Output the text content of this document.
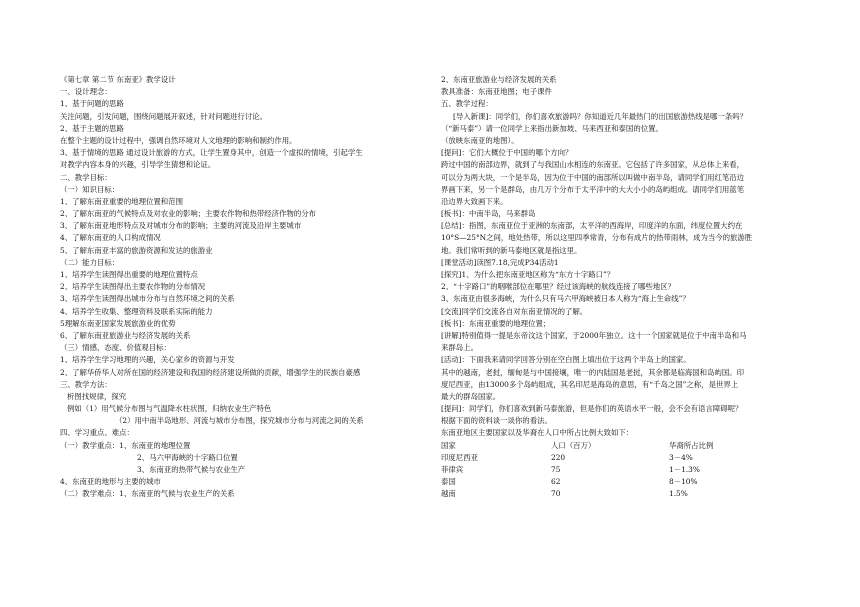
《第七章 第二节 东南亚》教学设计
一、设计理念：
1、基于问题的思路
关注问题，引发问题，围绕问题展开叙述，针对问题进行讨论。
2、基于主题的思路
在整个主题的设计过程中，强调自然环境对人文地理的影响和制约作用。
3、基于情境的思路 通过设计旅游的方式，让学生置身其中，创造一个虚拟的情境，引起学生
对教学内容本身的兴趣，引导学生猜想和论证。
二、教学目标：
（一）知识目标：
1、了解东南亚重要的地理位置和范围
2、了解东南亚的气候特点及对农业的影响；主要农作物和热带经济作物的分布
3、了解东南亚地形特点及对城市分布的影响；主要的河流及沿岸主要城市
4、了解东南亚的人口构成情况
5、了解东南亚丰富的旅游资源和发达的旅游业
（二）能力目标：
1、培养学生读图得出重要的地理位置特点
2、培养学生读图得出主要农作物的分布情况
3、培养学生读图得出城市分布与自然环境之间的关系
4、培养学生收集、整理资料及联系实际的能力
5理解东南亚国家发展旅游业的优势
6、了解东南亚旅游业与经济发展的关系
（三）情感、态度、价值观目标：
1、培养学生学习地理的兴趣，关心家乡的资源与开发
2、了解华侨华人对所在国的经济建设和我国的经济建设所做的贡献，增强学生的民族自豪感
三、教学方法：
析图找规律，探究
例如（1）用气候分布图与气温降水柱状图，归纳农业生产特色
（2）用中南半岛地形、河流与城市分布图，探究城市分布与河流之间的关系
四、学习重点、难点：
（一）教学重点：1、东南亚的地理位置
2、马六甲海峡的十字路口位置
3、东南亚的热带气候与农业生产
4、东南亚的地形与主要的城市
（二）教学难点：1、东南亚的气候与农业生产的关系
2、东南亚旅游业与经济发展的关系
教具准备：东南亚地图；电子课件
五、教学过程：
[导入新课]：同学们，你们喜欢旅游吗？你知道近几年最热门的出国旅游热线是哪一条吗？
（“新马泰”）请一位同学上来指出新加坡、马来西亚和泰国的位置。
（放映东南亚的地图）。
[提问]：它们大概位于中国的哪个方向？
跨过中国的南部边界，就到了与我国山水相连的东南亚。它包括了许多国家，从总体上来看，
可以分为两大块，一个是半岛，因为位于中国的南部所以叫做中南半岛，请同学们用红笔沿边
界画下来，另一个是群岛，由几万个分布于太平洋中的大大小小的岛屿组成。请同学们用蓝笔
沿边界大致画下来。
[板书]：中南半岛，马来群岛
[总结]：指图，东南亚位于亚洲的东南部，太平洋的西海岸，印度洋的东面，纬度位置大约在
10°S—25°N之间，地处热带，所以这里四季常青，分布有成片的热带雨林，成为当今的旅游胜
地。我们常听到的新马泰地区就是指这里。
[课堂活动]读图7.18,完成P34活动1
[探究]1、为什么把东南亚地区称为“东方十字路口”？
2、“十字路口”的咽喉部位在哪里？经过该海峡的航线连接了哪些地区？
3、东南亚由很多海峡，为什么只有马六甲海峡被日本人称为“海上生命线”？
[交流]同学们交流各自对东南亚情况的了解。
[板书]：东南亚重要的地理位置；
[讲解]特别值得一提是东帝汶这个国家，于2000年独立。这十一个国家就是位于中南半岛和马
来群岛上。
[活动]：下面我来请同学回答分别在空白图上填出位于这两个半岛上的国家。
其中的越南，老挝，缅甸是与中国接壤，唯一的内陆国是老挝，其余都是临海国和岛屿国。印
度尼西亚，由13000多个岛屿组成，其名印尼是海岛的意思，有“千岛之国”之称，是世界上
最大的群岛国家。
[提问]：同学们，你们喜欢到新马泰旅游，但是你们的英语水平一般，会不会有语言障碍呢？
根据下面的资料谈一谈你的看法。
东南亚地区主要国家以及华裔在人口中所占比例大致如下：
国家	人口（百万）	华裔所占比例
印度尼西亚	220	3－4%
菲律宾	75	1－1.3%
泰国	62	8－10%
越南	70	1.5%
